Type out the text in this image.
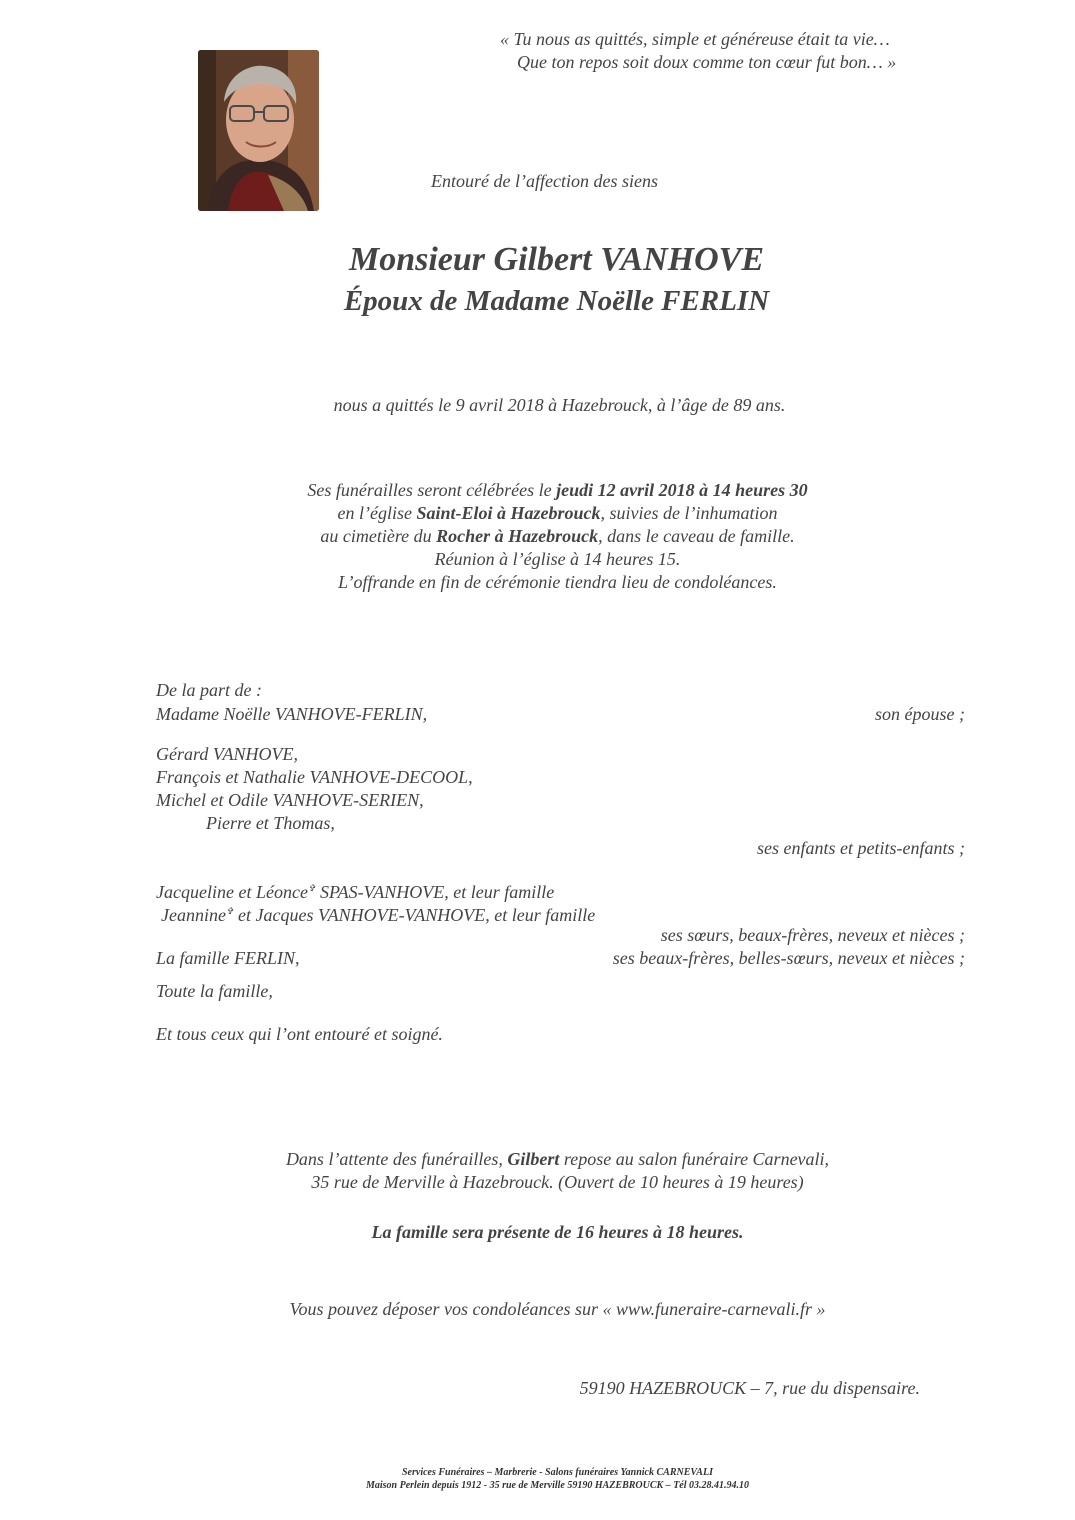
« Tu nous as quittés, simple et généreuse était ta vie…
Que ton repos soit doux comme ton cœur fut bon… »
Entouré de l’affection des siens
Monsieur Gilbert VANHOVE
Époux de Madame Noëlle FERLIN
nous a quittés le 9 avril 2018 à Hazebrouck, à l’âge de 89 ans.
Ses funérailles seront célébrées le jeudi 12 avril 2018 à 14 heures 30
en l’église Saint-Eloi à Hazebrouck, suivies de l’inhumation
au cimetière du Rocher à Hazebrouck, dans le caveau de famille.
Réunion à l’église à 14 heures 15.
L’offrande en fin de cérémonie tiendra lieu de condoléances.
De la part de :
Madame Noëlle VANHOVE-FERLIN,	son épouse ;
Gérard VANHOVE,
François et Nathalie VANHOVE-DECOOL,
Michel et Odile VANHOVE-SERIEN,
Pierre et Thomas,
ses enfants et petits-enfants ;
Jacqueline et Léonce✞ SPAS-VANHOVE, et leur famille
Jeannine✞ et Jacques VANHOVE-VANHOVE, et leur famille
ses sœurs, beaux-frères, neveux et nièces ;
La famille FERLIN,	ses beaux-frères, belles-sœurs, neveux et nièces ;
Toute la famille,
Et tous ceux qui l’ont entouré et soigné.
Dans l’attente des funérailles, Gilbert repose au salon funéraire Carnevali,
35 rue de Merville à Hazebrouck. (Ouvert de 10 heures à 19 heures)
La famille sera présente de 16 heures à 18 heures.
Vous pouvez déposer vos condoléances sur « www.funeraire-carnevali.fr »
59190 HAZEBROUCK – 7, rue du dispensaire.
Services Funéraires – Marbrerie - Salons funéraires Yannick CARNEVALI
Maison Perlein depuis 1912 - 35 rue de Merville 59190 HAZEBROUCK – Tél 03.28.41.94.10
